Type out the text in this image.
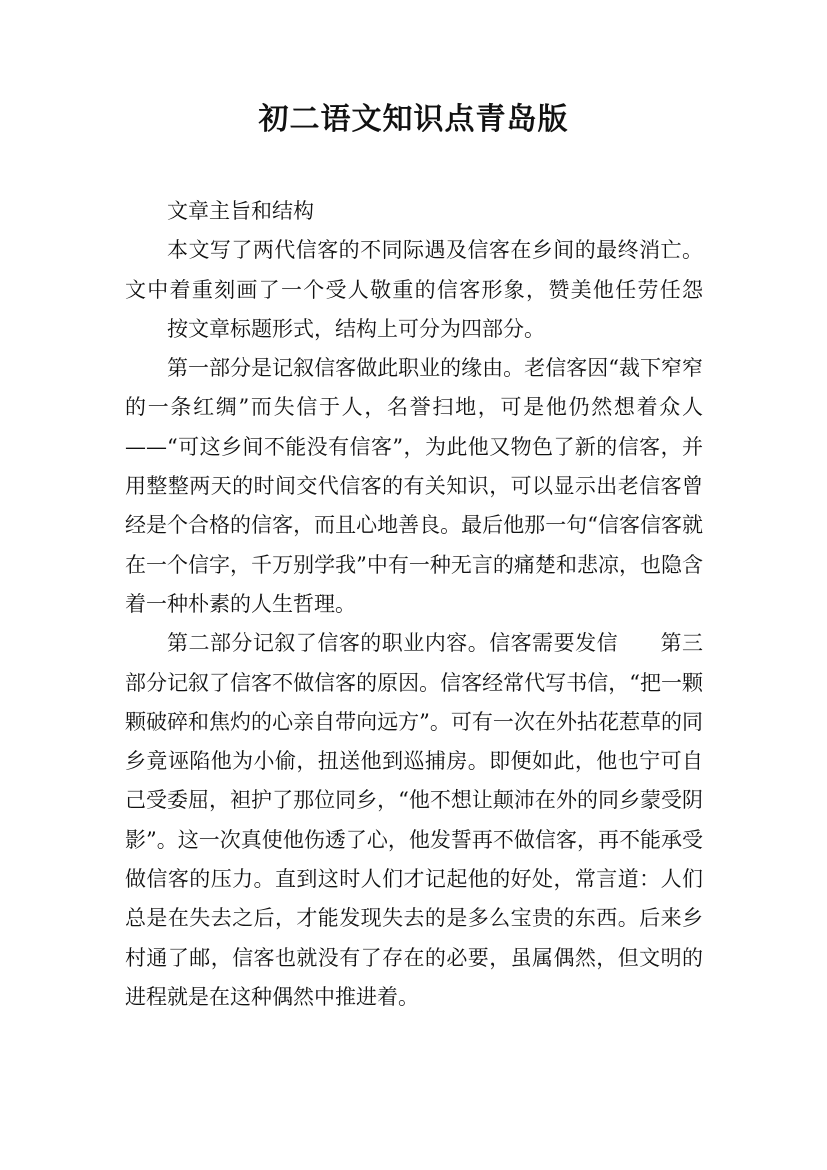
初二语文知识点青岛版

文章主旨和结构

本文写了两代信客的不同际遇及信客在乡间的最终消亡。文中着重刻画了一个受人敬重的信客形象，赞美他任劳任怨按文章标题形式，结构上可分为四部分。

第一部分是记叙信客做此职业的缘由。老信客因“裁下窄窄的一条红绸”而失信于人，名誉扫地，可是他仍然想着众人——“可这乡间不能没有信客”，为此他又物色了新的信客，并用整整两天的时间交代信客的有关知识，可以显示出老信客曾经是个合格的信客，而且心地善良。最后他那一句“信客信客就在一个信字，千万别学我”中有一种无言的痛楚和悲凉，也隐含着一种朴素的人生哲理。

第二部分记叙了信客的职业内容。信客需要发信 第三部分记叙了信客不做信客的原因。信客经常代写书信，“把一颗颗破碎和焦灼的心亲自带向远方”。可有一次在外拈花惹草的同乡竟诬陷他为小偷，扭送他到巡捕房。即便如此，他也宁可自己受委屈，袒护了那位同乡，“他不想让颠沛在外的同乡蒙受阴影”。这一次真使他伤透了心，他发誓再不做信客，再不能承受做信客的压力。直到这时人们才记起他的好处，常言道：人们总是在失去之后，才能发现失去的是多么宝贵的东西。后来乡村通了邮，信客也就没有了存在的必要，虽属偶然，但文明的进程就是在这种偶然中推进着。
